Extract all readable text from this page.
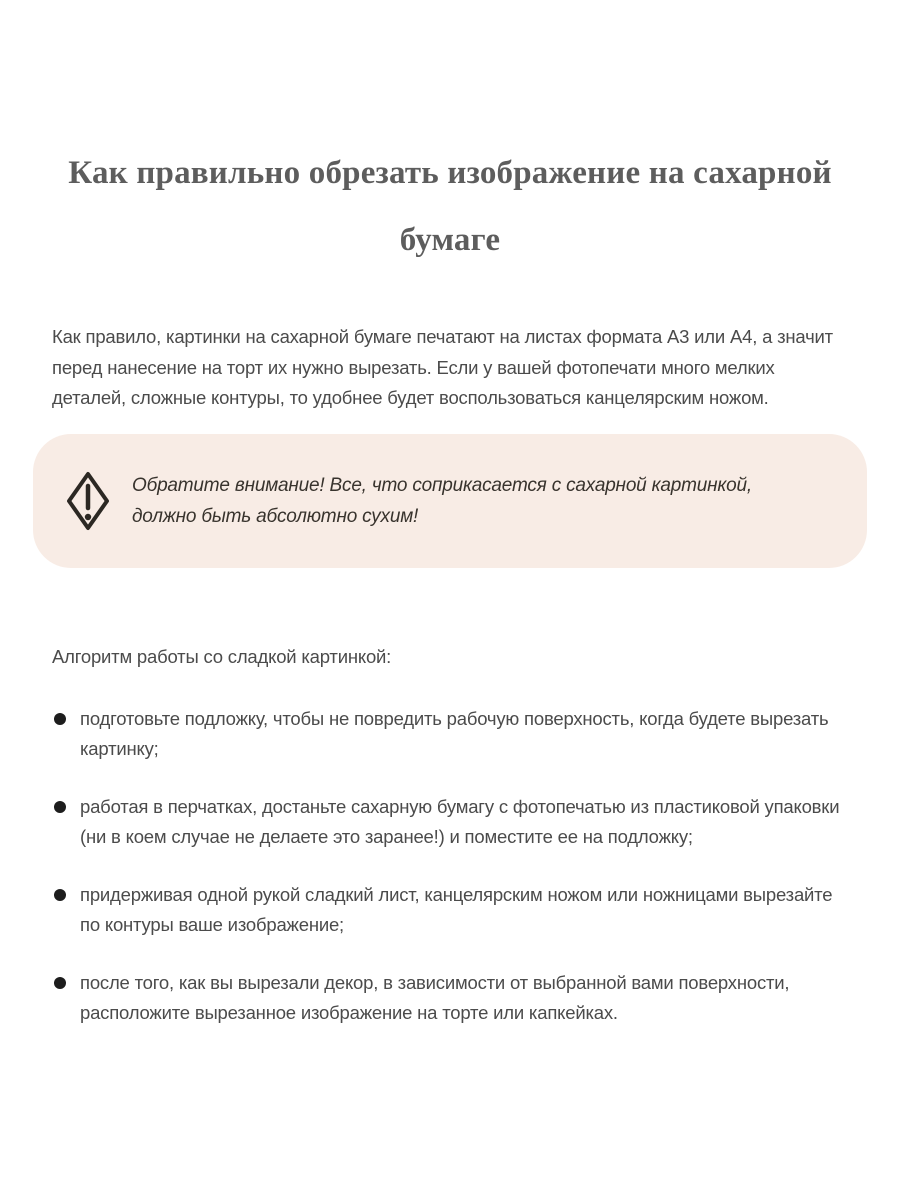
Как правильно обрезать изображение на сахарной
бумаге

Как правило, картинки на сахарной бумаге печатают на листах формата А3 или А4, а значит перед нанесение на торт их нужно вырезать. Если у вашей фотопечати много мелких деталей, сложные контуры, то удобнее будет воспользоваться канцелярским ножом.

Обратите внимание! Все, что соприкасается с сахарной картинкой, должно быть абсолютно сухим!

Алгоритм работы со сладкой картинкой:

подготовьте подложку, чтобы не повредить рабочую поверхность, когда будете вырезать картинку;
работая в перчатках, достаньте сахарную бумагу с фотопечатью из пластиковой упаковки (ни в коем случае не делаете это заранее!) и поместите ее на подложку;
придерживая одной рукой сладкий лист, канцелярским ножом или ножницами вырезайте по контуры ваше изображение;
после того, как вы вырезали декор, в зависимости от выбранной вами поверхности, расположите вырезанное изображение на торте или капкейках.
